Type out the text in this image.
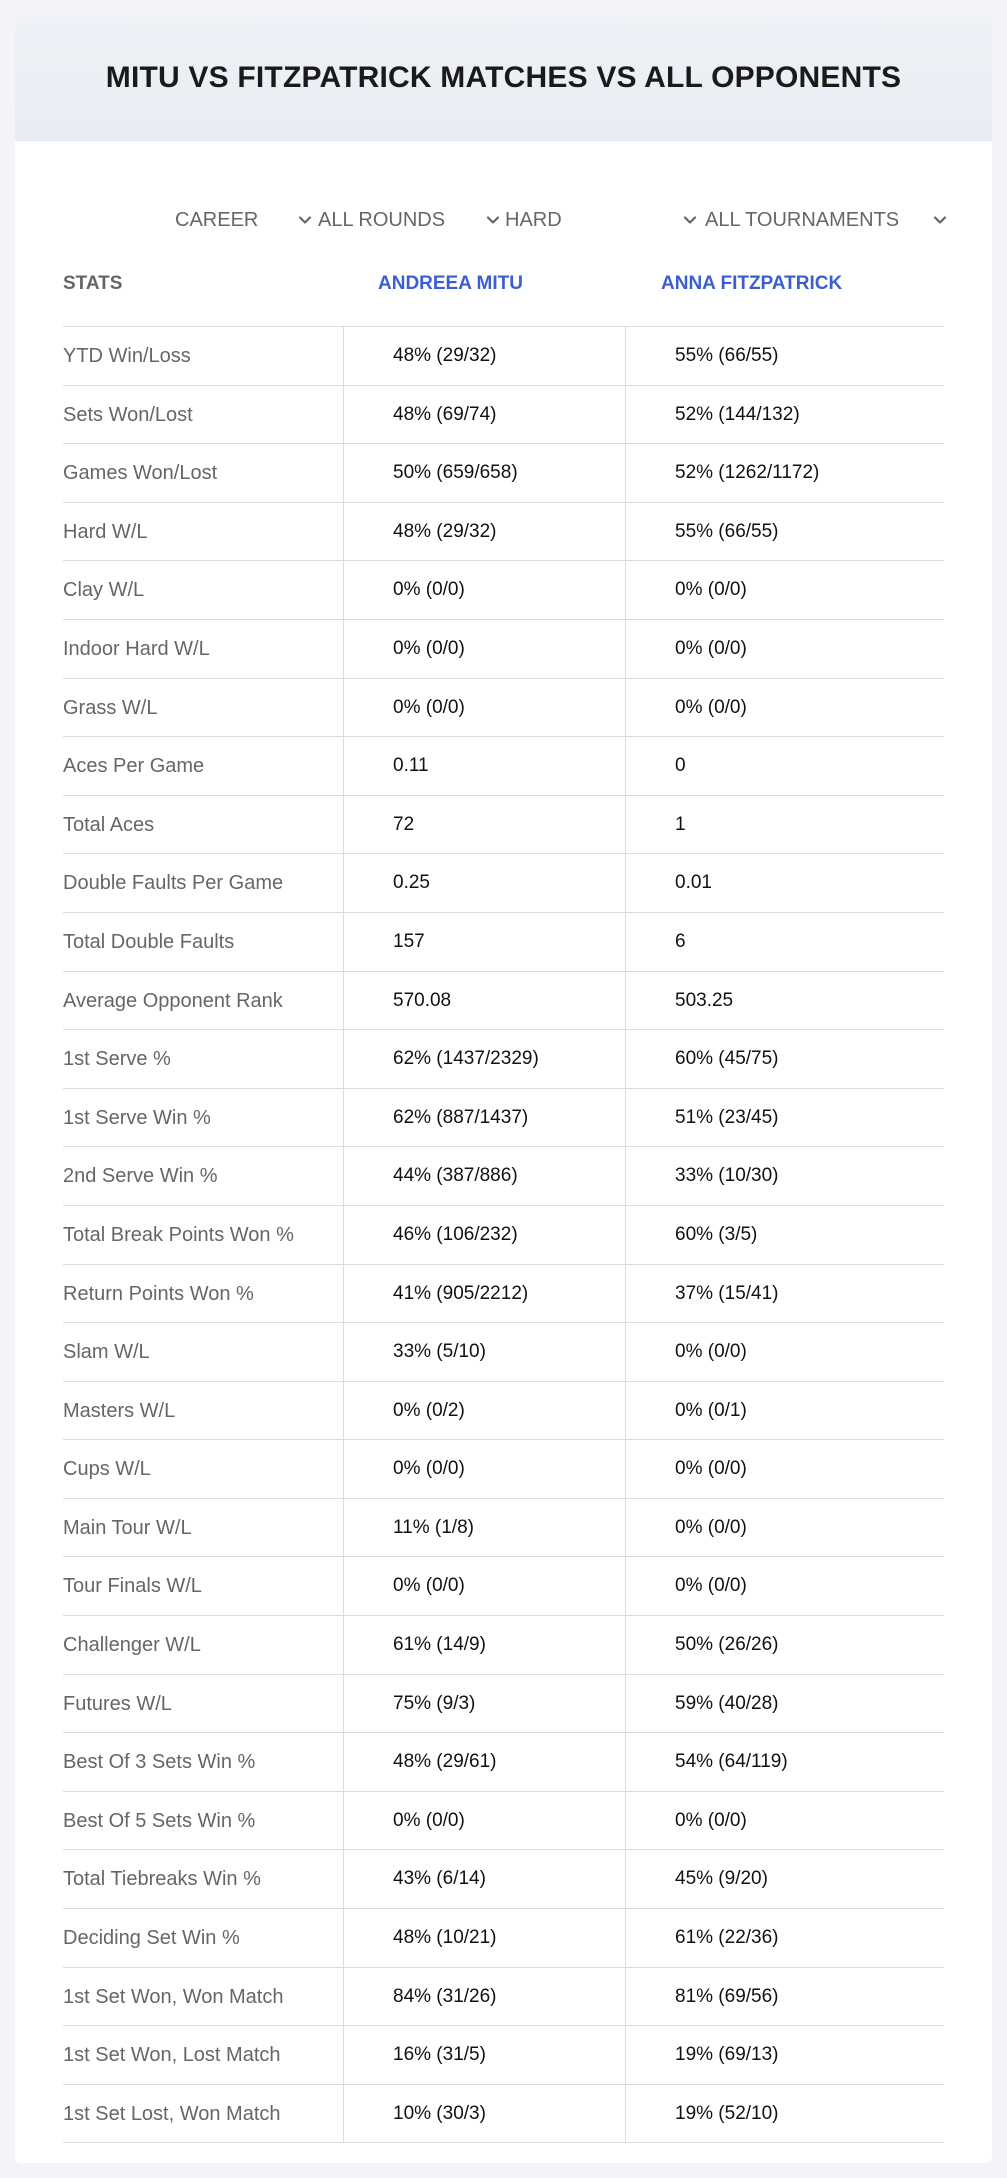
MITU VS FITZPATRICK MATCHES VS ALL OPPONENTS
CAREER	ALL ROUNDS	HARD	ALL TOURNAMENTS
STATS	ANDREEA MITU	ANNA FITZPATRICK
YTD Win/Loss	48% (29/32)	55% (66/55)
Sets Won/Lost	48% (69/74)	52% (144/132)
Games Won/Lost	50% (659/658)	52% (1262/1172)
Hard W/L	48% (29/32)	55% (66/55)
Clay W/L	0% (0/0)	0% (0/0)
Indoor Hard W/L	0% (0/0)	0% (0/0)
Grass W/L	0% (0/0)	0% (0/0)
Aces Per Game	0.11	0
Total Aces	72	1
Double Faults Per Game	0.25	0.01
Total Double Faults	157	6
Average Opponent Rank	570.08	503.25
1st Serve %	62% (1437/2329)	60% (45/75)
1st Serve Win %	62% (887/1437)	51% (23/45)
2nd Serve Win %	44% (387/886)	33% (10/30)
Total Break Points Won %	46% (106/232)	60% (3/5)
Return Points Won %	41% (905/2212)	37% (15/41)
Slam W/L	33% (5/10)	0% (0/0)
Masters W/L	0% (0/2)	0% (0/1)
Cups W/L	0% (0/0)	0% (0/0)
Main Tour W/L	11% (1/8)	0% (0/0)
Tour Finals W/L	0% (0/0)	0% (0/0)
Challenger W/L	61% (14/9)	50% (26/26)
Futures W/L	75% (9/3)	59% (40/28)
Best Of 3 Sets Win %	48% (29/61)	54% (64/119)
Best Of 5 Sets Win %	0% (0/0)	0% (0/0)
Total Tiebreaks Win %	43% (6/14)	45% (9/20)
Deciding Set Win %	48% (10/21)	61% (22/36)
1st Set Won, Won Match	84% (31/26)	81% (69/56)
1st Set Won, Lost Match	16% (31/5)	19% (69/13)
1st Set Lost, Won Match	10% (30/3)	19% (52/10)
